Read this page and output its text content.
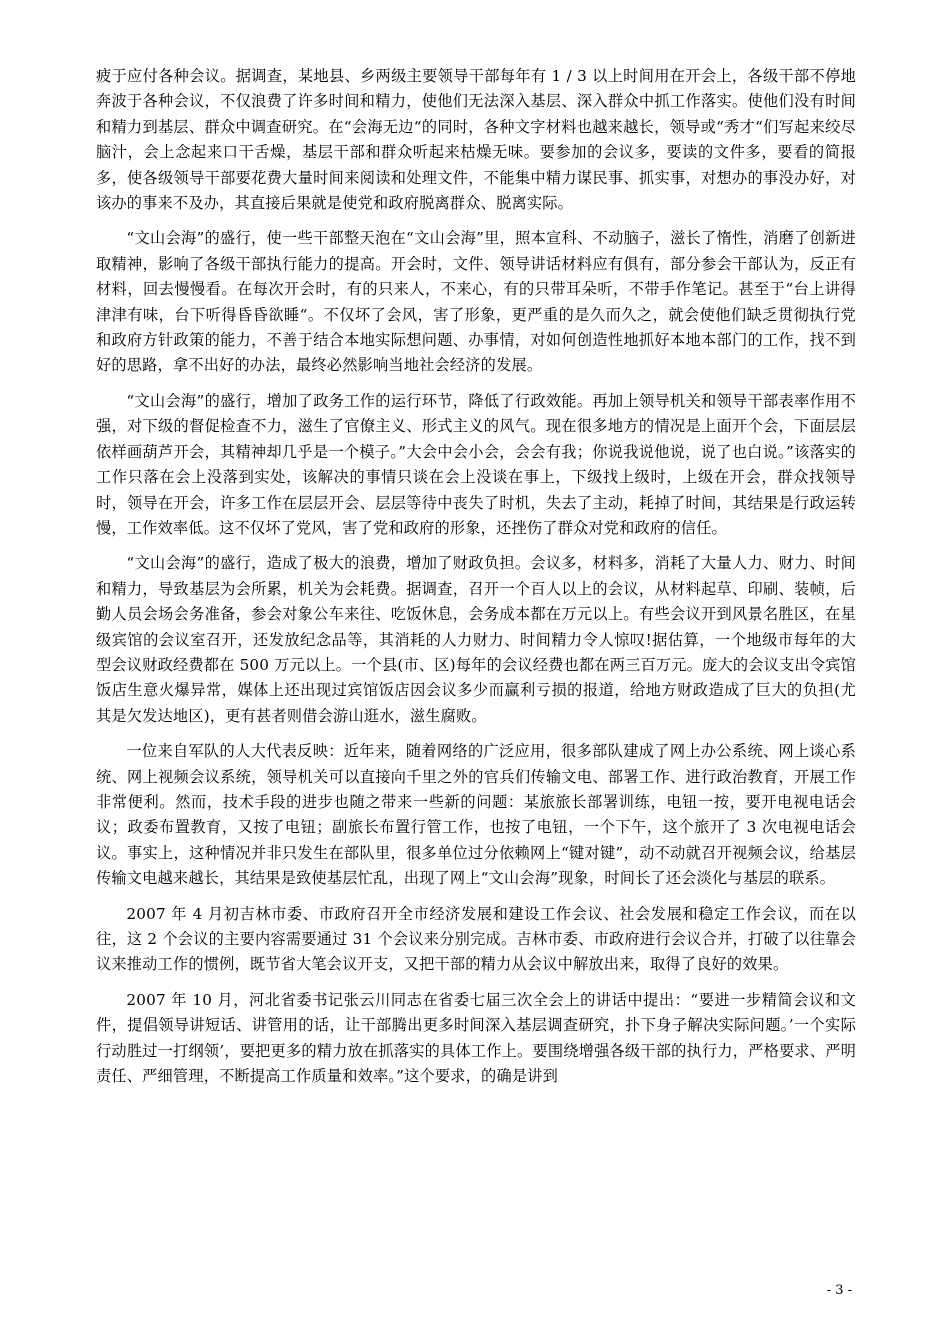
疲于应付各种会议。据调查，某地县、乡两级主要领导干部每年有 1 / 3 以上时间用在开会上，各级干部不停地奔波于各种会议，不仅浪费了许多时间和精力，使他们无法深入基层、深入群众中抓工作落实。使他们没有时间和精力到基层、群众中调查研究。在“会海无边“的同时，各种文字材料也越来越长，领导或“秀才“们写起来绞尽脑汁，会上念起来口干舌燥，基层干部和群众听起来枯燥无味。要参加的会议多，要读的文件多，要看的简报多，使各级领导干部要花费大量时间来阅读和处理文件，不能集中精力谋民事、抓实事，对想办的事没办好，对该办的事来不及办，其直接后果就是使党和政府脱离群众、脱离实际。

“文山会海”的盛行，使一些干部整天泡在“文山会海”里，照本宣科、不动脑子，滋长了惰性，消磨了创新进取精神，影响了各级干部执行能力的提高。开会时，文件、领导讲话材料应有俱有，部分参会干部认为，反正有材料，回去慢慢看。在每次开会时，有的只来人，不来心，有的只带耳朵听，不带手作笔记。甚至于“台上讲得津津有味，台下听得昏昏欲睡“。不仅坏了会风，害了形象，更严重的是久而久之，就会使他们缺乏贯彻执行党和政府方针政策的能力，不善于结合本地实际想问题、办事情，对如何创造性地抓好本地本部门的工作，找不到好的思路，拿不出好的办法，最终必然影响当地社会经济的发展。

“文山会海”的盛行，增加了政务工作的运行环节，降低了行政效能。再加上领导机关和领导干部表率作用不强，对下级的督促检查不力，滋生了官僚主义、形式主义的风气。现在很多地方的情况是上面开个会，下面层层依样画葫芦开会，其精神却几乎是一个模子。”大会中会小会，会会有我；你说我说他说，说了也白说。”该落实的工作只落在会上没落到实处，该解决的事情只谈在会上没谈在事上，下级找上级时，上级在开会，群众找领导时，领导在开会，许多工作在层层开会、层层等待中丧失了时机，失去了主动，耗掉了时间，其结果是行政运转慢，工作效率低。这不仅坏了党风，害了党和政府的形象，还挫伤了群众对党和政府的信任。

“文山会海”的盛行，造成了极大的浪费，增加了财政负担。会议多，材料多，消耗了大量人力、财力、时间和精力，导致基层为会所累，机关为会耗费。据调查，召开一个百人以上的会议，从材料起草、印刷、装帧，后勤人员会场会务准备，参会对象公车来往、吃饭休息，会务成本都在万元以上。有些会议开到风景名胜区，在星级宾馆的会议室召开，还发放纪念品等，其消耗的人力财力、时间精力令人惊叹!据估算，一个地级市每年的大型会议财政经费都在 500 万元以上。一个县(市、区)每年的会议经费也都在两三百万元。庞大的会议支出令宾馆饭店生意火爆异常，媒体上还出现过宾馆饭店因会议多少而赢利亏损的报道，给地方财政造成了巨大的负担(尤其是欠发达地区)，更有甚者则借会游山逛水，滋生腐败。

一位来自军队的人大代表反映：近年来，随着网络的广泛应用，很多部队建成了网上办公系统、网上谈心系统、网上视频会议系统，领导机关可以直接向千里之外的官兵们传输文电、部署工作、进行政治教育，开展工作非常便利。然而，技术手段的进步也随之带来一些新的问题：某旅旅长部署训练，电钮一按，要开电视电话会议；政委布置教育，又按了电钮；副旅长布置行管工作，也按了电钮，一个下午，这个旅开了 3 次电视电话会议。事实上，这种情况并非只发生在部队里，很多单位过分依赖网上“键对键”，动不动就召开视频会议，给基层传输文电越来越长，其结果是致使基层忙乱，出现了网上“文山会海”现象，时间长了还会淡化与基层的联系。

2007 年 4 月初吉林市委、市政府召开全市经济发展和建设工作会议、社会发展和稳定工作会议，而在以往，这 2 个会议的主要内容需要通过 31 个会议来分别完成。吉林市委、市政府进行会议合并，打破了以往靠会议来推动工作的惯例，既节省大笔会议开支，又把干部的精力从会议中解放出来，取得了良好的效果。

2007 年 10 月，河北省委书记张云川同志在省委七届三次全会上的讲话中提出：“要进一步精简会议和文件，提倡领导讲短话、讲管用的话，让干部腾出更多时间深入基层调查研究，扑下身子解决实际问题。’一个实际行动胜过一打纲领’，要把更多的精力放在抓落实的具体工作上。要围绕增强各级干部的执行力，严格要求、严明责任、严细管理，不断提高工作质量和效率。”这个要求，的确是讲到

- 3 -
